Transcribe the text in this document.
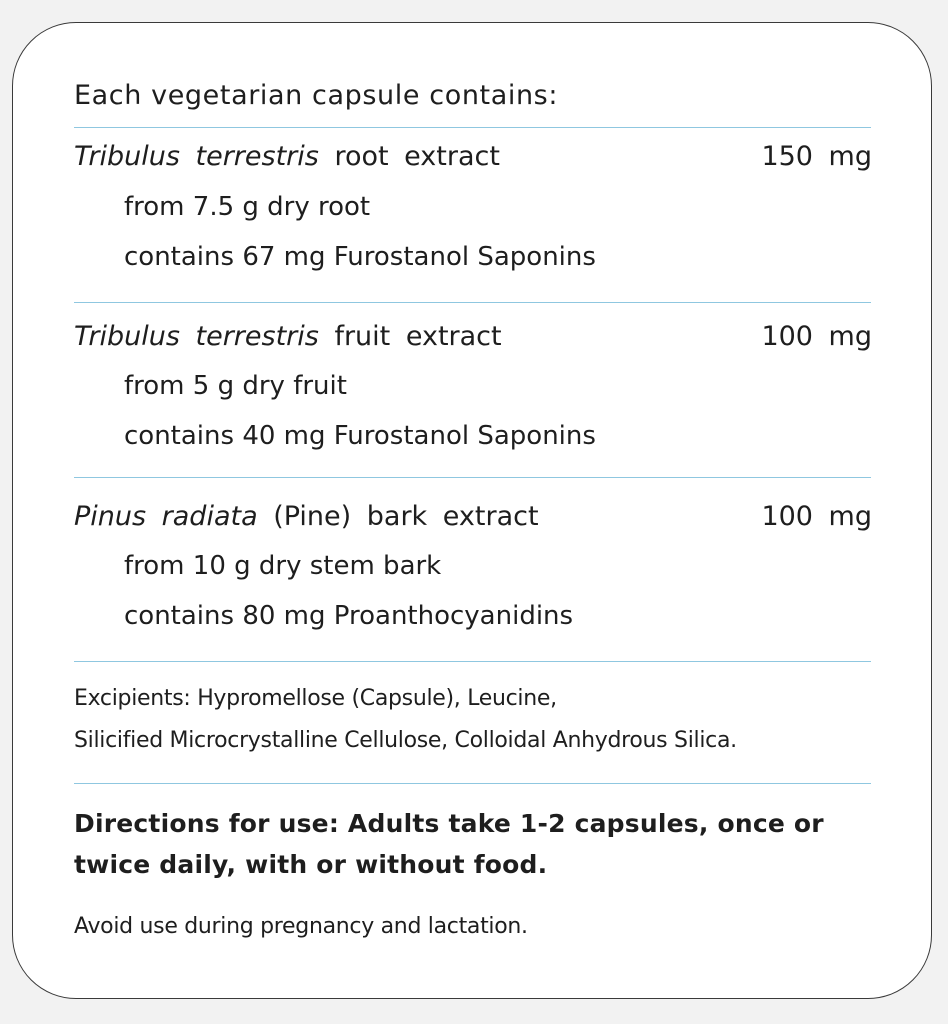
Each vegetarian capsule contains:
Tribulus terrestris root extract	150 mg
from 7.5 g dry root
contains 67 mg Furostanol Saponins
Tribulus terrestris fruit extract	100 mg
from 5 g dry fruit
contains 40 mg Furostanol Saponins
Pinus radiata (Pine) bark extract	100 mg
from 10 g dry stem bark
contains 80 mg Proanthocyanidins
Excipients: Hypromellose (Capsule), Leucine,
Silicified Microcrystalline Cellulose, Colloidal Anhydrous Silica.
Directions for use: Adults take 1-2 capsules, once or twice daily, with or without food.
Avoid use during pregnancy and lactation.
